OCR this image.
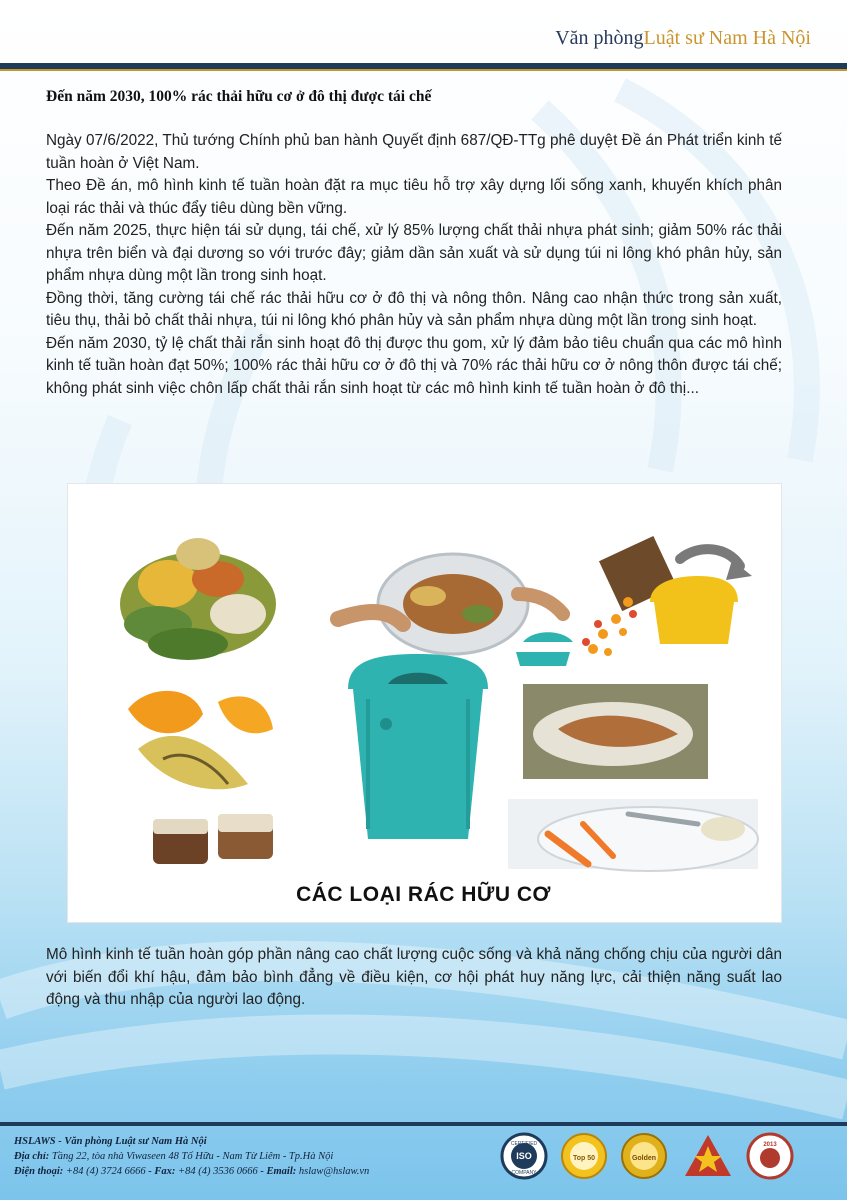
Văn phòngLuật sư Nam Hà Nội
Đến năm 2030, 100% rác thải hữu cơ ở đô thị được tái chế

Ngày 07/6/2022, Thủ tướng Chính phủ ban hành Quyết định 687/QĐ-TTg phê duyệt Đề án Phát triển kinh tế tuần hoàn ở Việt Nam.

Theo Đề án, mô hình kinh tế tuần hoàn đặt ra mục tiêu hỗ trợ xây dựng lối sống xanh, khuyến khích phân loại rác thải và thúc đẩy tiêu dùng bền vững.

Đến năm 2025, thực hiện tái sử dụng, tái chế, xử lý 85% lượng chất thải nhựa phát sinh; giảm 50% rác thải nhựa trên biển và đại dương so với trước đây; giảm dần sản xuất và sử dụng túi ni lông khó phân hủy, sản phẩm nhựa dùng một lần trong sinh hoạt.

Đồng thời, tăng cường tái chế rác thải hữu cơ ở đô thị và nông thôn. Nâng cao nhận thức trong sản xuất, tiêu thụ, thải bỏ chất thải nhựa, túi ni lông khó phân hủy và sản phẩm nhựa dùng một lần trong sinh hoạt.

Đến năm 2030, tỷ lệ chất thải rắn sinh hoạt đô thị được thu gom, xử lý đảm bảo tiêu chuẩn qua các mô hình kinh tế tuần hoàn đạt 50%; 100% rác thải hữu cơ ở đô thị và 70% rác thải hữu cơ ở nông thôn được tái chế; không phát sinh việc chôn lấp chất thải rắn sinh hoạt từ các mô hình kinh tế tuần hoàn ở đô thị...

CÁC LOẠI RÁC HỮU CƠ
Mô hình kinh tế tuần hoàn góp phần nâng cao chất lượng cuộc sống và khả năng chống chịu của người dân với biến đổi khí hậu, đảm bảo bình đẳng về điều kiện, cơ hội phát huy năng lực, cải thiện năng suất lao động và thu nhập của người lao động.
HSLAWS - Văn phòng Luật sư Nam Hà Nội
Địa chỉ: Tầng 22, tòa nhà Viwaseen 48 Tố Hữu - Nam Từ Liêm - Tp.Hà Nội
Điện thoại: +84 (4) 3724 6666 - Fax: +84 (4) 3536 0666 - Email: hslaw@hslaw.vn
CERTIFIED
ISO
COMPANY
Top 50	Golden
2013
